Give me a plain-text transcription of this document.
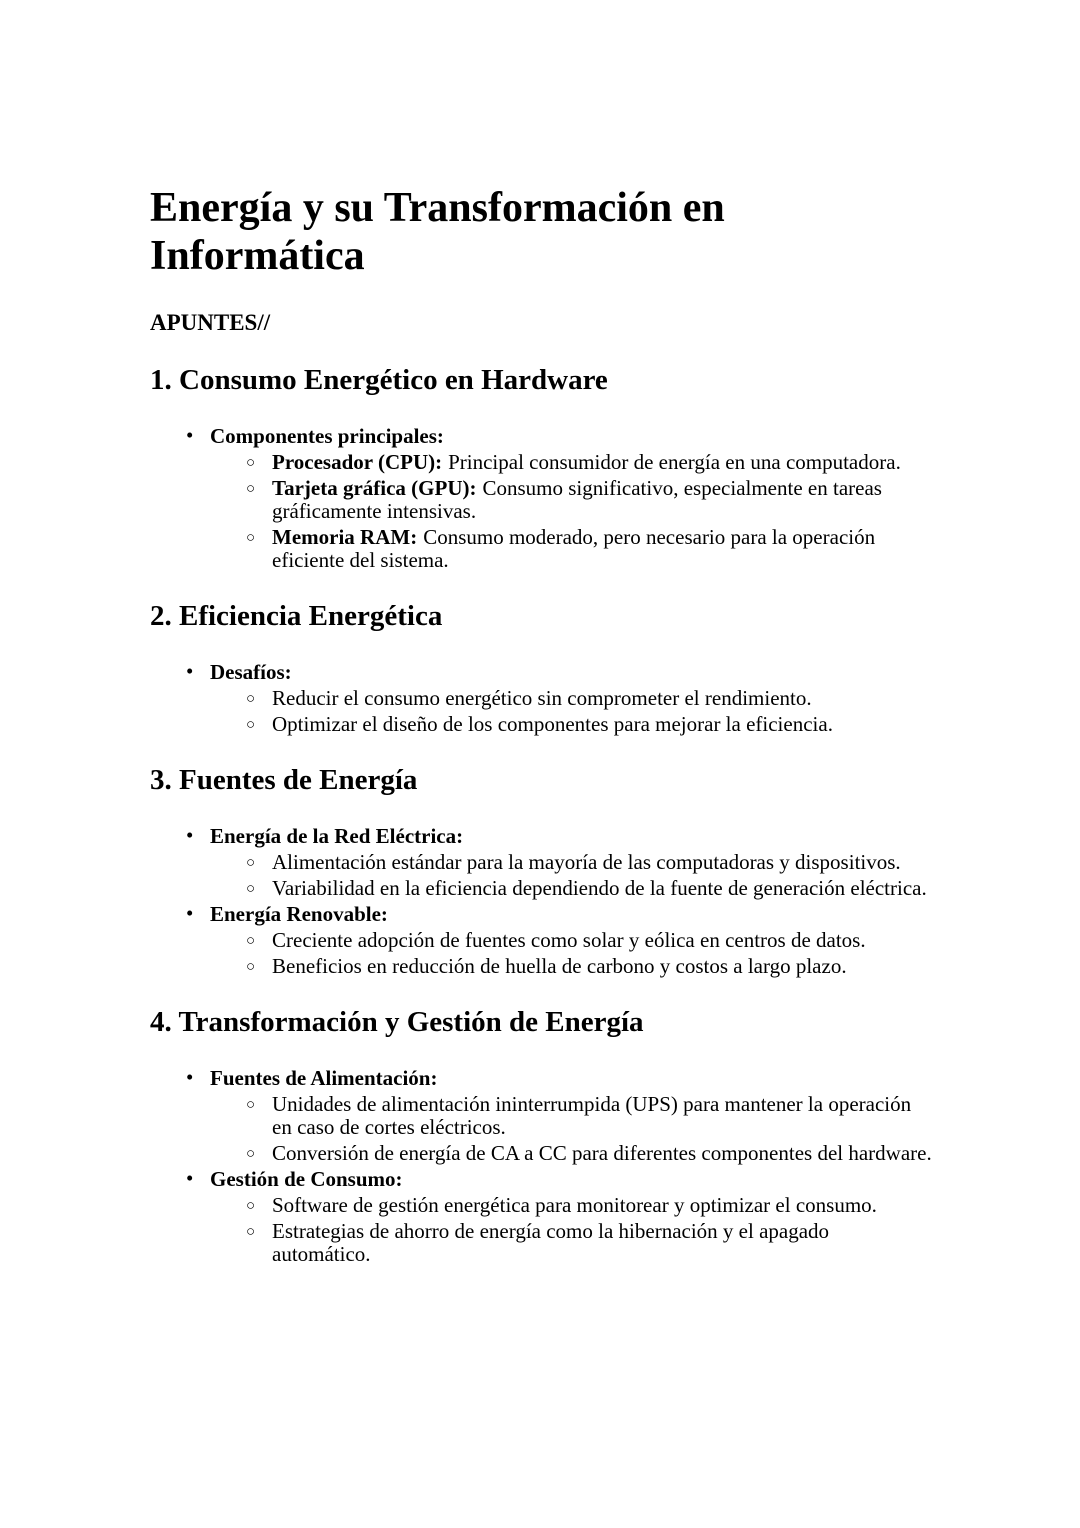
Energía y su Transformación en Informática

APUNTES//

1. Consumo Energético en Hardware
• Componentes principales:
○ Procesador (CPU): Principal consumidor de energía en una computadora.
○ Tarjeta gráfica (GPU): Consumo significativo, especialmente en tareas gráficamente intensivas.
○ Memoria RAM: Consumo moderado, pero necesario para la operación eficiente del sistema.
2. Eficiencia Energética
• Desafíos:
○ Reducir el consumo energético sin comprometer el rendimiento.
○ Optimizar el diseño de los componentes para mejorar la eficiencia.
3. Fuentes de Energía
• Energía de la Red Eléctrica:
○ Alimentación estándar para la mayoría de las computadoras y dispositivos.
○ Variabilidad en la eficiencia dependiendo de la fuente de generación eléctrica.
• Energía Renovable:
○ Creciente adopción de fuentes como solar y eólica en centros de datos.
○ Beneficios en reducción de huella de carbono y costos a largo plazo.
4. Transformación y Gestión de Energía
• Fuentes de Alimentación:
○ Unidades de alimentación ininterrumpida (UPS) para mantener la operación en caso de cortes eléctricos.
○ Conversión de energía de CA a CC para diferentes componentes del hardware.
• Gestión de Consumo:
○ Software de gestión energética para monitorear y optimizar el consumo.
○ Estrategias de ahorro de energía como la hibernación y el apagado automático.
